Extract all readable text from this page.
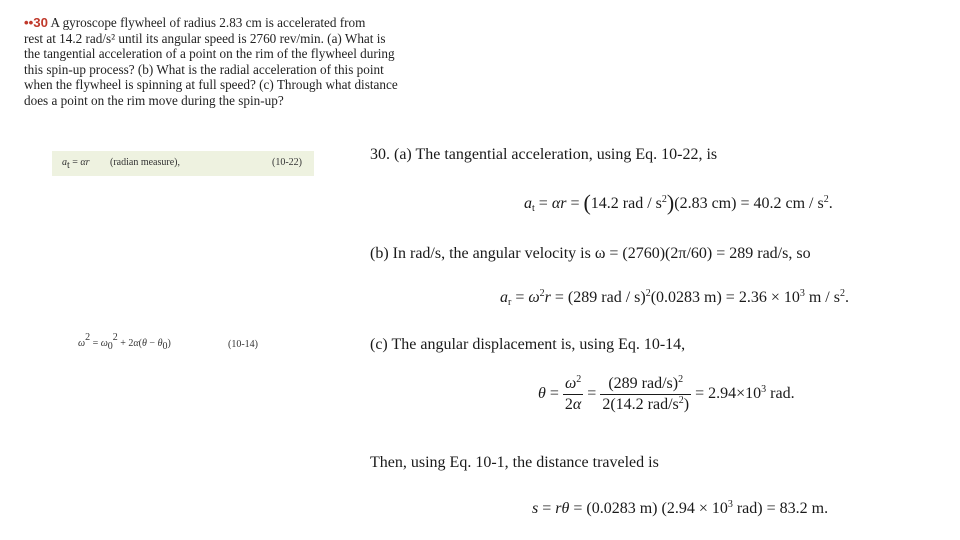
••30 A gyroscope flywheel of radius 2.83 cm is accelerated from
rest at 14.2 rad/s² until its angular speed is 2760 rev/min. (a) What is
the tangential acceleration of a point on the rim of the flywheel during
this spin-up process? (b) What is the radial acceleration of this point
when the flywheel is spinning at full speed? (c) Through what distance
does a point on the rim move during the spin-up?
$a_t = \alpha r$ (radian measure),	(10-22)
$\omega^2 = \omega_0^2 + 2\alpha(\theta - \theta_0)$	(10-14)
30. (a) The tangential acceleration, using Eq. 10-22, is
$a_t = \alpha r = (14.2$ rad / $s^2)(2.83$ cm) = 40.2 cm / $s^2$.
(b) In rad/s, the angular velocity is ω = (2760)(2π/60) = 289 rad/s, so
$a_r = \omega^2r = (289$ rad / s)$^2$(0.0283 $m) = 2.36 \times 10^3$ m / $s^2$.
(c) The angular displacement is, using Eq. 10-14,
$\theta = \frac{\omega^2}{2\alpha} = \frac{(289 rad/s)^2}{2(14.2 rad/s^2)} = 2.94\times 10^3$ rad.
Then, using Eq. 10-1, the distance traveled is
s = rθ = (0.0283 m) ($2.94 \times 10^3$ rad) = 83.2 m.
